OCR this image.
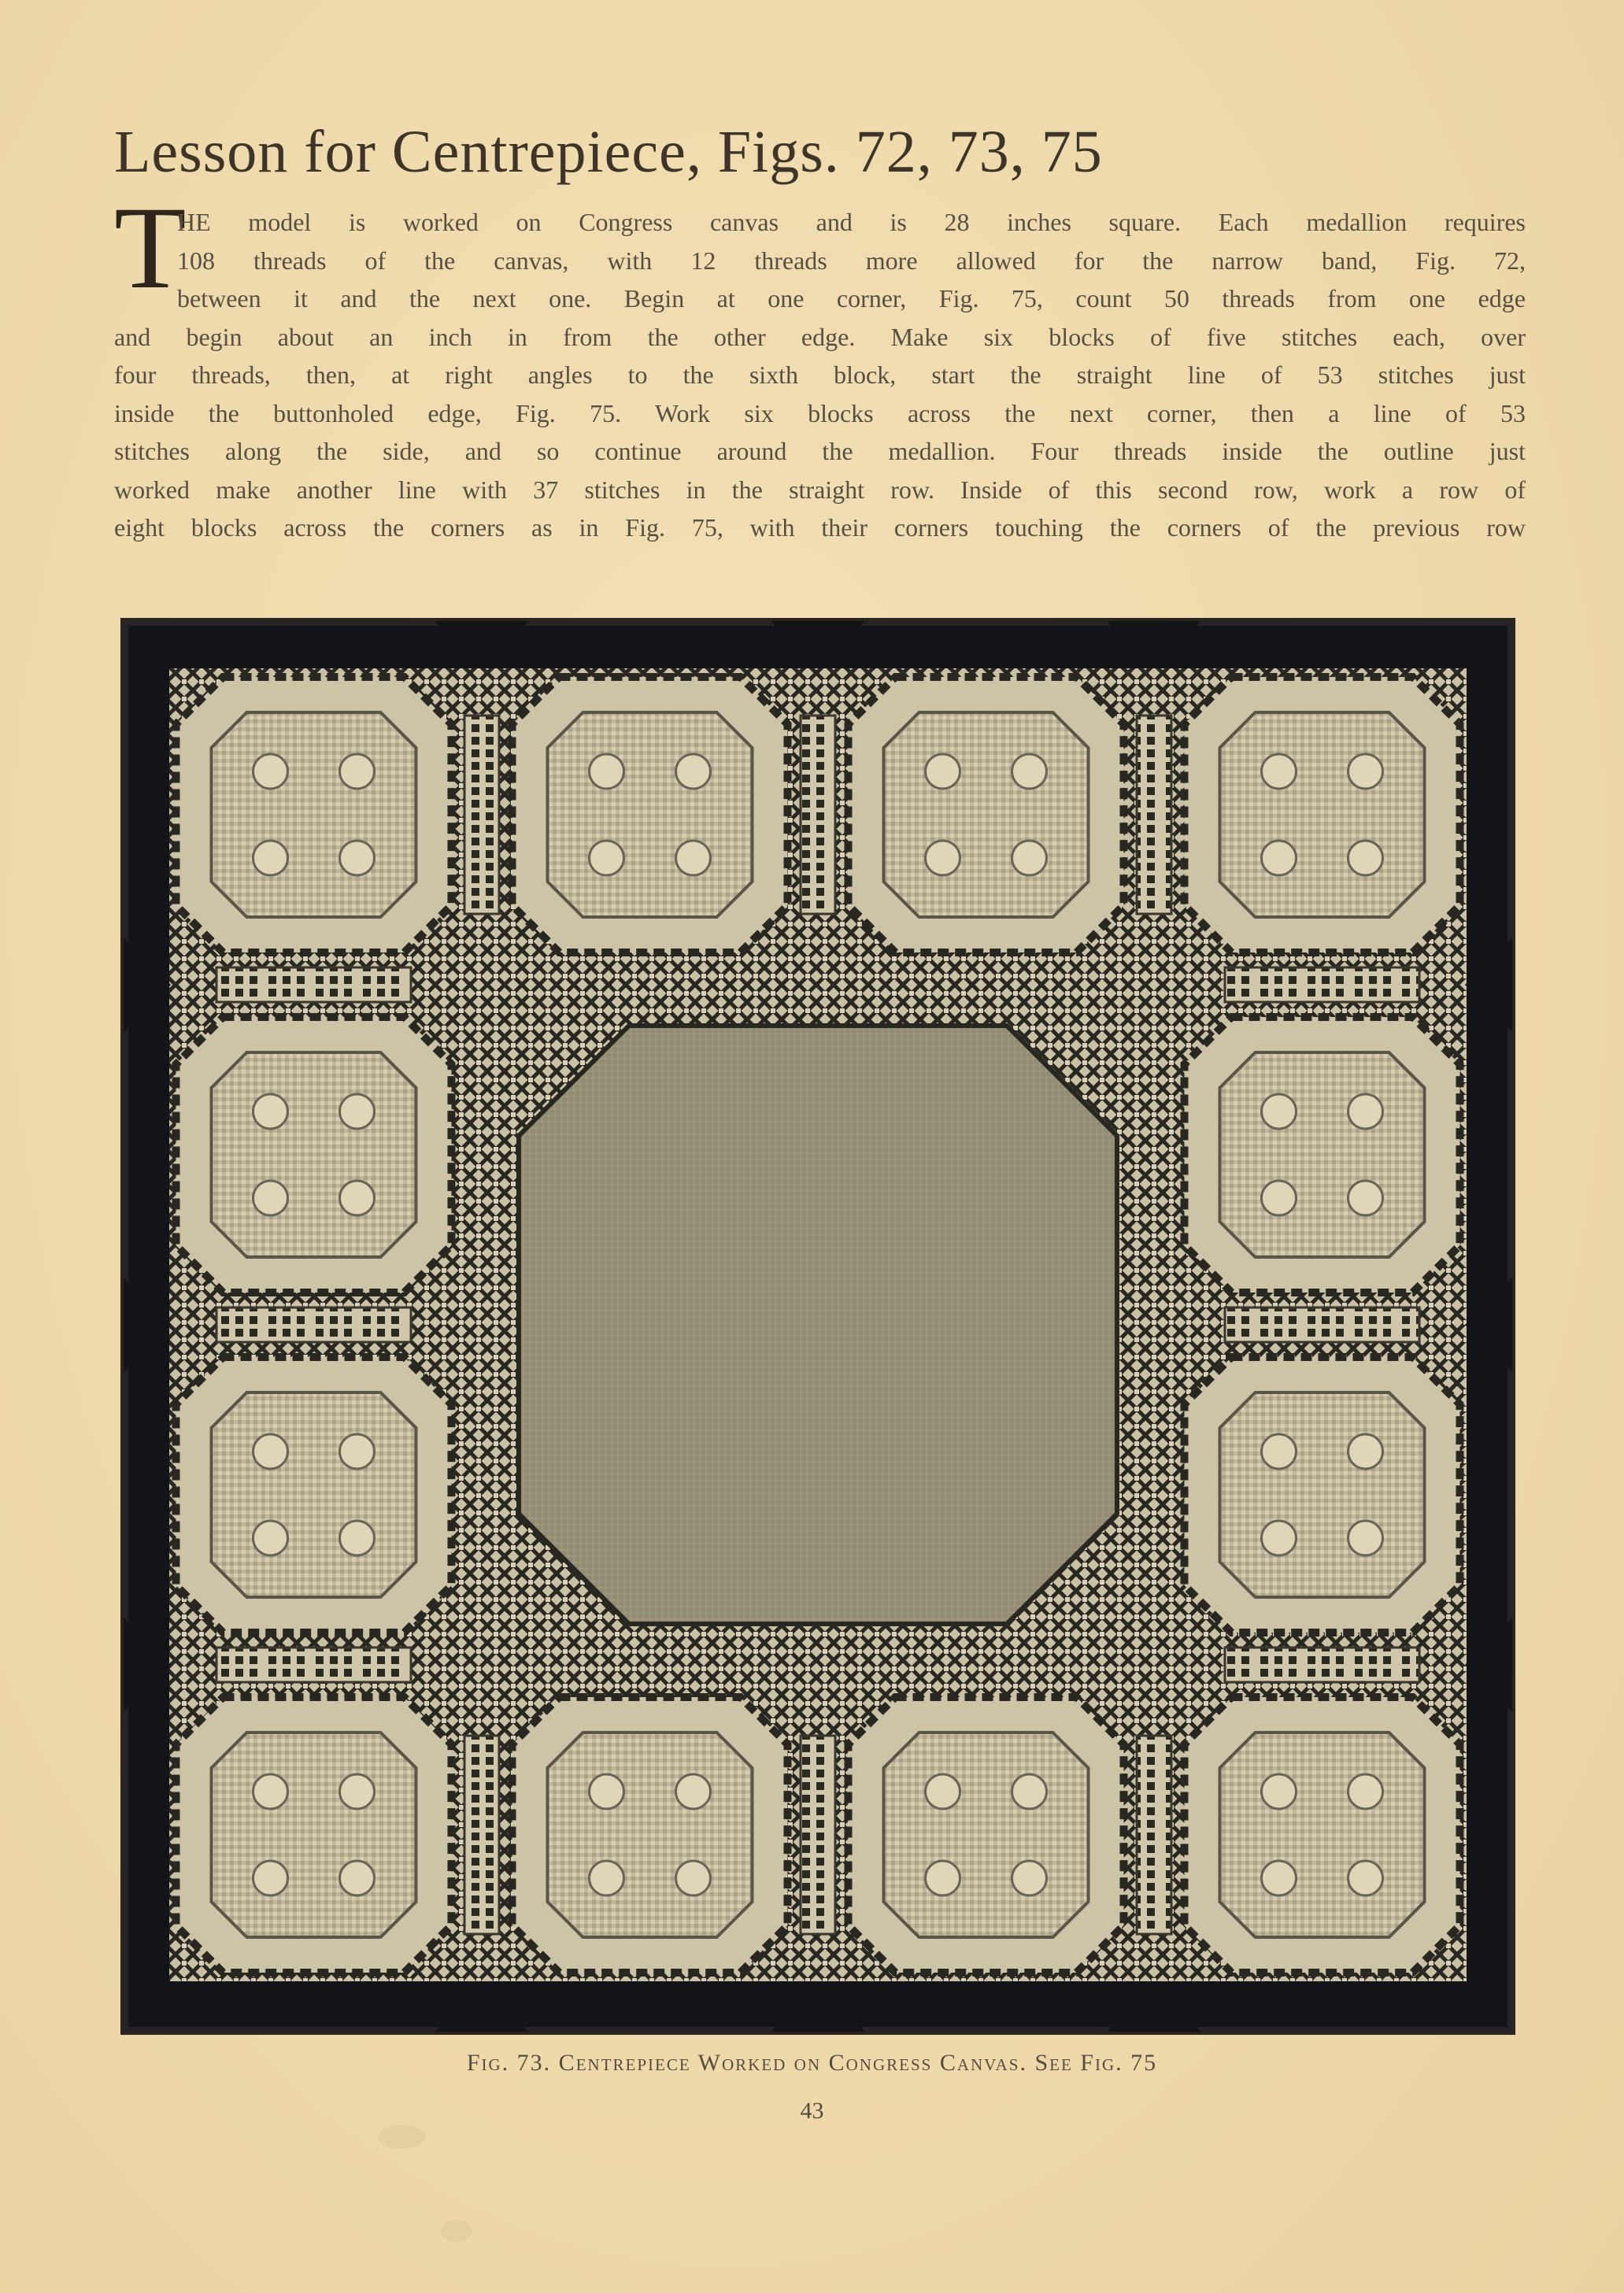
Lesson for Centrepiece, Figs. 72, 73, 75
T
HE model is worked on Congress canvas and is 28 inches square. Each medallion requires
108 threads of the canvas, with 12 threads more allowed for the narrow band, Fig. 72,
between it and the next one. Begin at one corner, Fig. 75, count 50 threads from one edge
and begin about an inch in from the other edge. Make six blocks of five stitches each, over
four threads, then, at right angles to the sixth block, start the straight line of 53 stitches just
inside the buttonholed edge, Fig. 75. Work six blocks across the next corner, then a line of 53
stitches along the side, and so continue around the medallion. Four threads inside the outline just
worked make another line with 37 stitches in the straight row. Inside of this second row, work a row of
eight blocks across the corners as in Fig. 75, with their corners touching the corners of the previous row
Fig. 73. Centrepiece Worked on Congress Canvas. See Fig. 75
43
